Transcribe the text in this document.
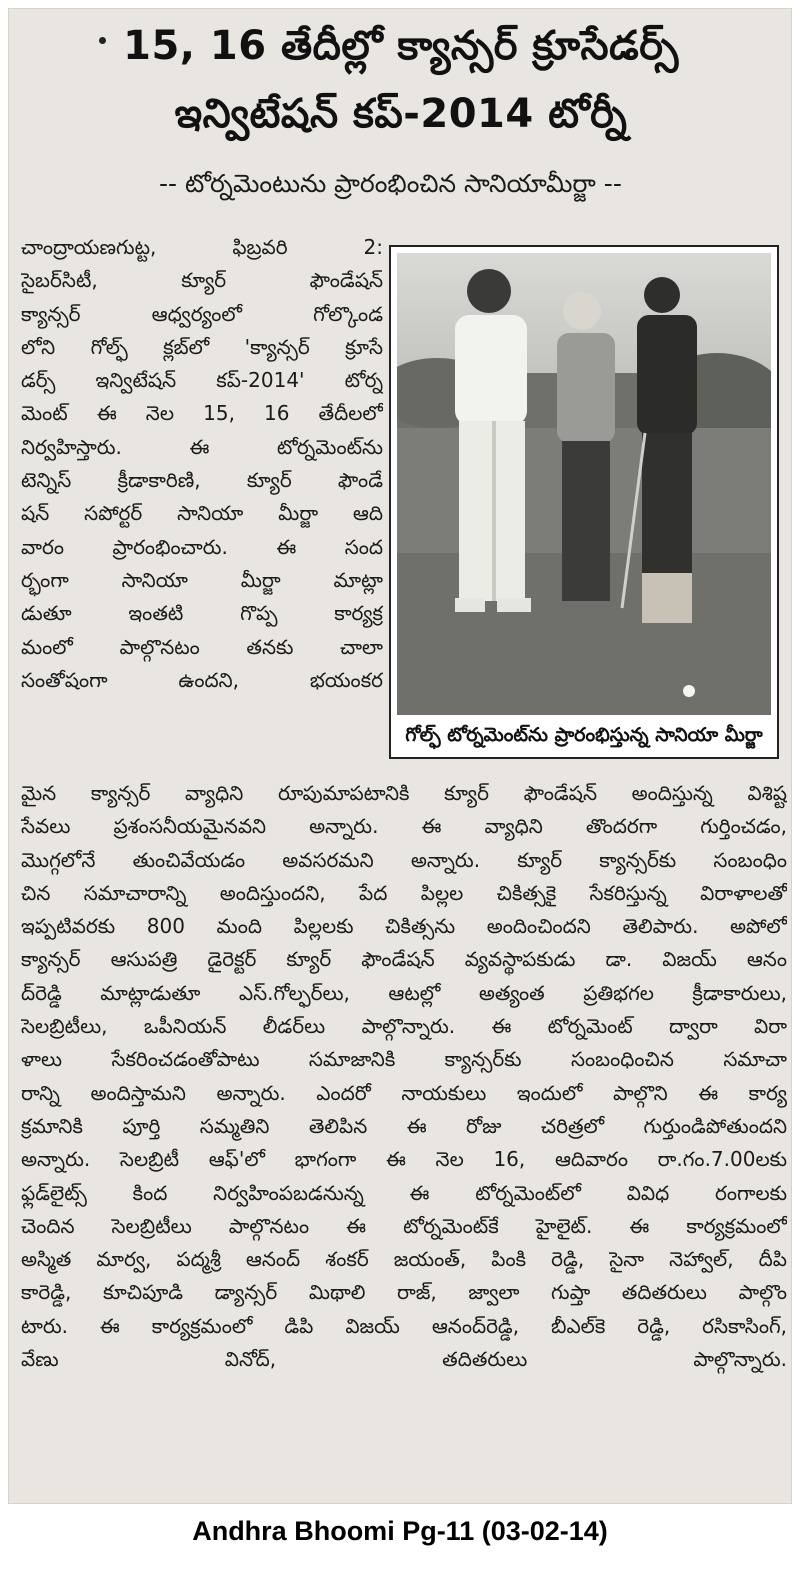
15, 16 తేదీల్లో క్యాన్సర్ క్రూసేడర్స్
ఇన్విటేషన్ కప్-2014 టోర్నీ
-- టోర్నమెంటును ప్రారంభించిన సానియామీర్జా --
చాంద్రాయణగుట్ట, ఫిబ్రవరి 2:
సైబర్‌సిటీ, క్యూర్ ఫౌండేషన్
క్యాన్సర్ ఆధ్వర్యంలో గోల్కొండ
లోని గోల్ఫ్ క్లబ్‌లో 'క్యాన్సర్ క్రూసే
డర్స్ ఇన్విటేషన్ కప్-2014' టోర్న
మెంట్ ఈ నెల 15, 16 తేదీలలో
నిర్వహిస్తారు. ఈ టోర్నమెంట్‌ను
టెన్నిస్ క్రీడాకారిణి, క్యూర్ ఫౌండే
షన్ సపోర్టర్ సానియా మీర్జా ఆది
వారం ప్రారంభించారు. ఈ సంద
ర్భంగా సానియా మీర్జా మాట్లా
డుతూ ఇంతటి గొప్ప కార్యక్ర
మంలో పాల్గొనటం తనకు చాలా
సంతోషంగా ఉందని, భయంకర
గోల్ఫ్ టోర్నమెంట్‌ను ప్రారంభిస్తున్న సానియా మీర్జా
మైన క్యాన్సర్ వ్యాధిని రూపుమాపటానికి క్యూర్ ఫౌండేషన్ అందిస్తున్న విశిష్ట
సేవలు ప్రశంసనీయమైనవని అన్నారు. ఈ వ్యాధిని తొందరగా గుర్తించడం,
మొగ్గలోనే తుంచివేయడం అవసరమని అన్నారు. క్యూర్ క్యాన్సర్‌కు సంబంధిం
చిన సమాచారాన్ని అందిస్తుందని, పేద పిల్లల చికిత్సకై సేకరిస్తున్న విరాళాలతో
ఇప్పటివరకు 800 మంది పిల్లలకు చికిత్సను అందించిందని తెలిపారు. అపోలో
క్యాన్సర్ ఆసుపత్రి డైరెక్టర్ క్యూర్ ఫౌండేషన్ వ్యవస్థాపకుడు డా. విజయ్ ఆనం
ద్‌రెడ్డి మాట్లాడుతూ ఎస్.గోల్ఫర్‌లు, ఆటల్లో అత్యంత ప్రతిభగల క్రీడాకారులు,
సెలబ్రిటీలు, ఒపీనియన్ లీడర్‌లు పాల్గొన్నారు. ఈ టోర్నమెంట్ ద్వారా విరా
ళాలు సేకరించడంతోపాటు సమాజానికి క్యాన్సర్‌కు సంబంధించిన సమాచా
రాన్ని అందిస్తామని అన్నారు. ఎందరో నాయకులు ఇందులో పాల్గొని ఈ కార్య
క్రమానికి పూర్తి సమ్మతిని తెలిపిన ఈ రోజు చరిత్రలో గుర్తుండిపోతుందని
అన్నారు. సెలబ్రిటీ ఆఫ్'లో భాగంగా ఈ నెల 16, ఆదివారం రా.గం.7.00లకు
ఫ్లడ్‌లైట్స్ కింద నిర్వహింపబడనున్న ఈ టోర్నమెంట్‌లో వివిధ రంగాలకు
చెందిన సెలబ్రిటీలు పాల్గొనటం ఈ టోర్నమెంట్‌కే హైలైట్. ఈ కార్యక్రమంలో
అస్మిత మార్వ, పద్మశ్రీ ఆనంద్ శంకర్ జయంత్, పింకి రెడ్డి, సైనా నెహ్వాల్, దీపి
కారెడ్డి, కూచిపూడి డ్యాన్సర్ మిథాలి రాజ్, జ్వాలా గుప్తా తదితరులు పాల్గొం
టారు. ఈ కార్యక్రమంలో డిపి విజయ్ ఆనంద్‌రెడ్డి, బీఎల్‌కె రెడ్డి, రసికాసింగ్,
వేణు వినోద్, తదితరులు పాల్గొన్నారు.
Andhra Bhoomi Pg-11 (03-02-14)
